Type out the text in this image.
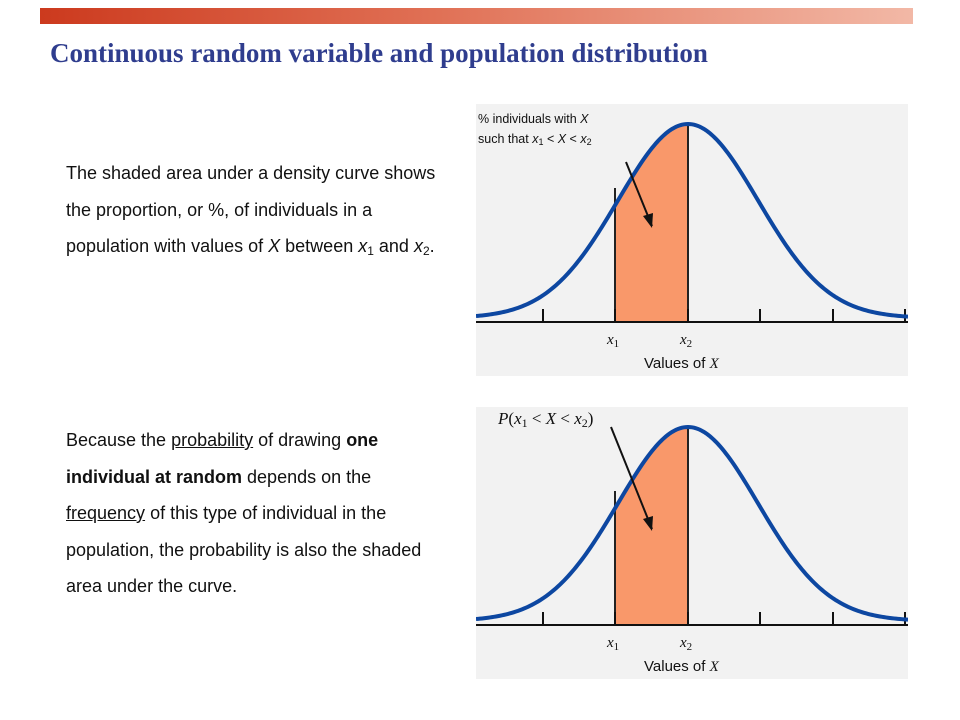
Continuous random variable and population distribution
The shaded area under a density curve shows the proportion, or %, of individuals in a population with values of X between $x_1$ and $x_2$.
Because the probability of drawing one individual at random depends on the frequency of this type of individual in the population, the probability is also the shaded area under the curve.
% individuals with X
such that $x_1 < X < x_2$
$x_1$	$x_2$
Values of X
$P(x_1 < X < x_2)$
$x_1$	$x_2$
Values of X
